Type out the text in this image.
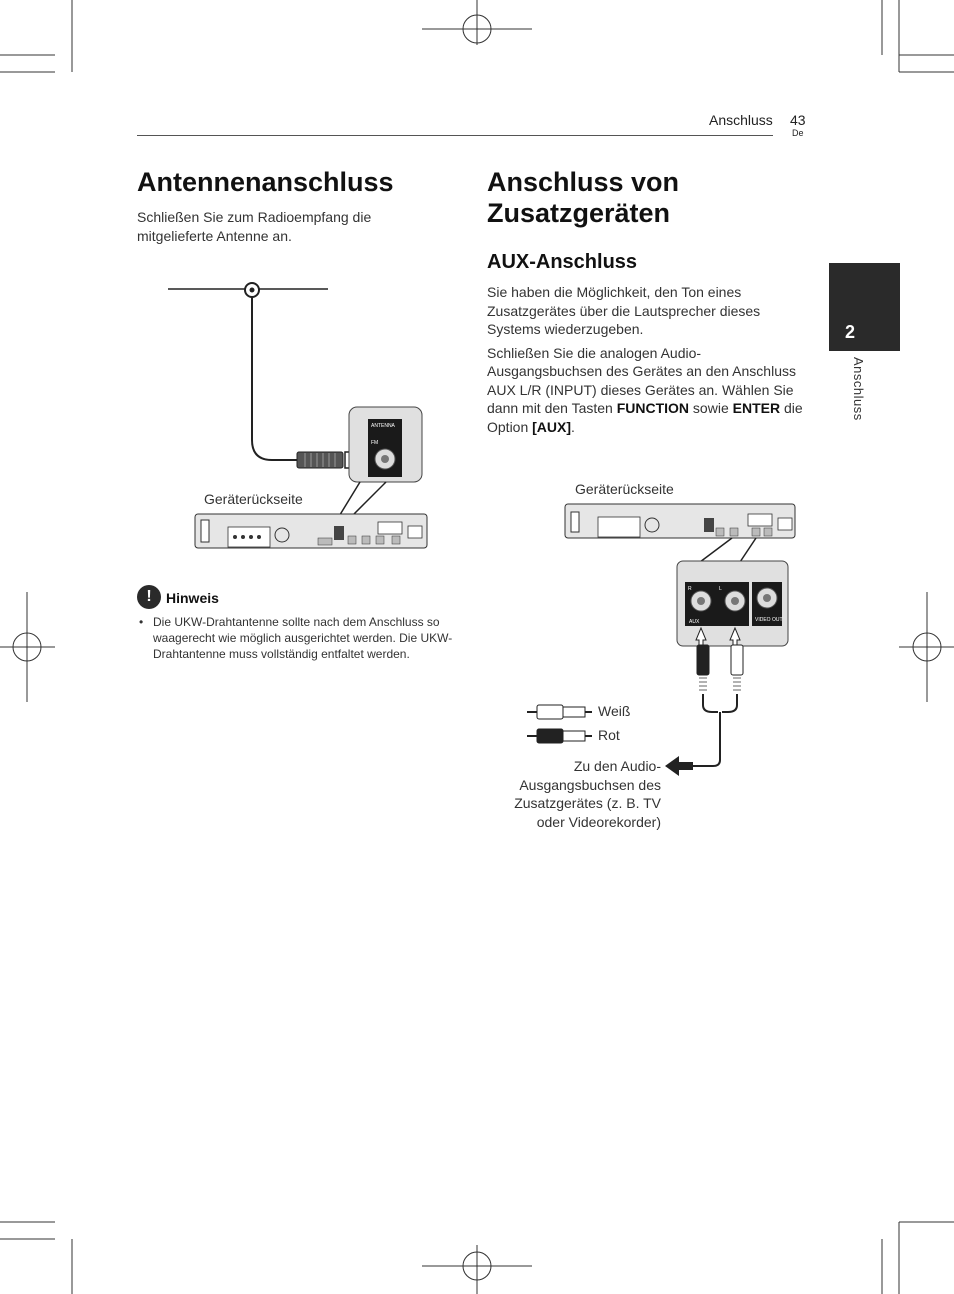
Anschluss 43
De
2
Anschluss
Antennenanschluss
Schließen Sie zum Radioempfang die mitgelieferte Antenne an.
ANTENNA
FM
Geräterückseite
!	Hinweis
• Die UKW-Drahtantenne sollte nach dem Anschluss so waagerecht wie möglich ausgerichtet werden. Die UKW-Drahtantenne muss vollständig entfaltet werden.
Anschluss von
Zusatzgeräten
AUX-Anschluss

Sie haben die Möglichkeit, den Ton eines Zusatzgerätes über die Lautsprecher dieses Systems wiederzugeben.

Schließen Sie die analogen Audio-Ausgangsbuchsen des Gerätes an den Anschluss AUX L/R (INPUT) dieses Gerätes an. Wählen Sie dann mit den Tasten FUNCTION sowie ENTER die Option [AUX].

R	L
AUX	VIDEO OUT
Geräterückseite
Weiß
Rot
Zu den Audio-
Ausgangsbuchsen des
Zusatzgerätes (z. B. TV
oder Videorekorder)
